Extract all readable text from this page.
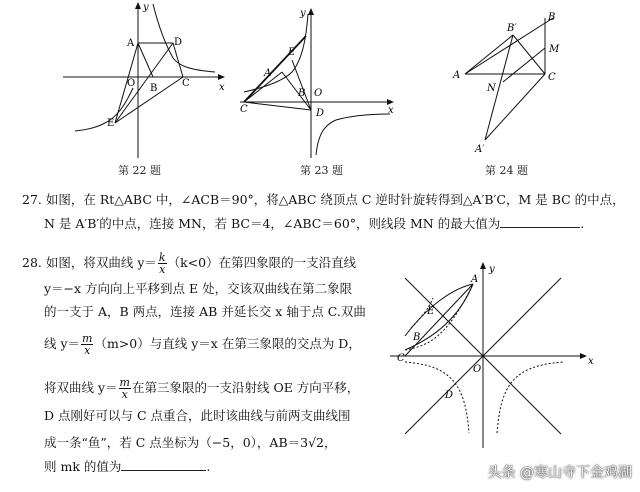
y
x
A	D
O B C
E
第 22 题
y
x
E
A
B O
C	D
第 23 题
B
B′
M
A
N
C
A′
第 24 题
27. 如图，在 Rt△ABC 中，∠ACB＝90°，将△ABC 绕顶点 C 逆时针旋转得到△A′B′C，M 是 BC 的中点，
N 是 A′B′的中点，连接 MN，若 BC＝4，∠ABC＝60°，则线段 MN 的最大值为	.
28. 如图，将双曲线 $y= \frac{k}{x} (k<0)$在第四象限的一支沿直线
y＝−x 方向向上平移到点 E 处，交该双曲线在第二象限
的一支于 A，B 两点，连接 AB 并延长交 x 轴于点 C.双曲
线 $y= \frac{m}{x} (m>0)$与直线 y＝x 在第三象限的交点为 D，
将双曲线 $y= \frac{m}{x}$ 在第三象限的一支沿射线 OE 方向平移，
D 点刚好可以与 C 点重合，此时该曲线与前两支曲线围
成一条“鱼”，若 C 点坐标为（−5，0），AB＝3√2，
则 mk 的值为	.
y
x
A
E
B
C
O
D
头条 @寒山寺下金鸡湖
